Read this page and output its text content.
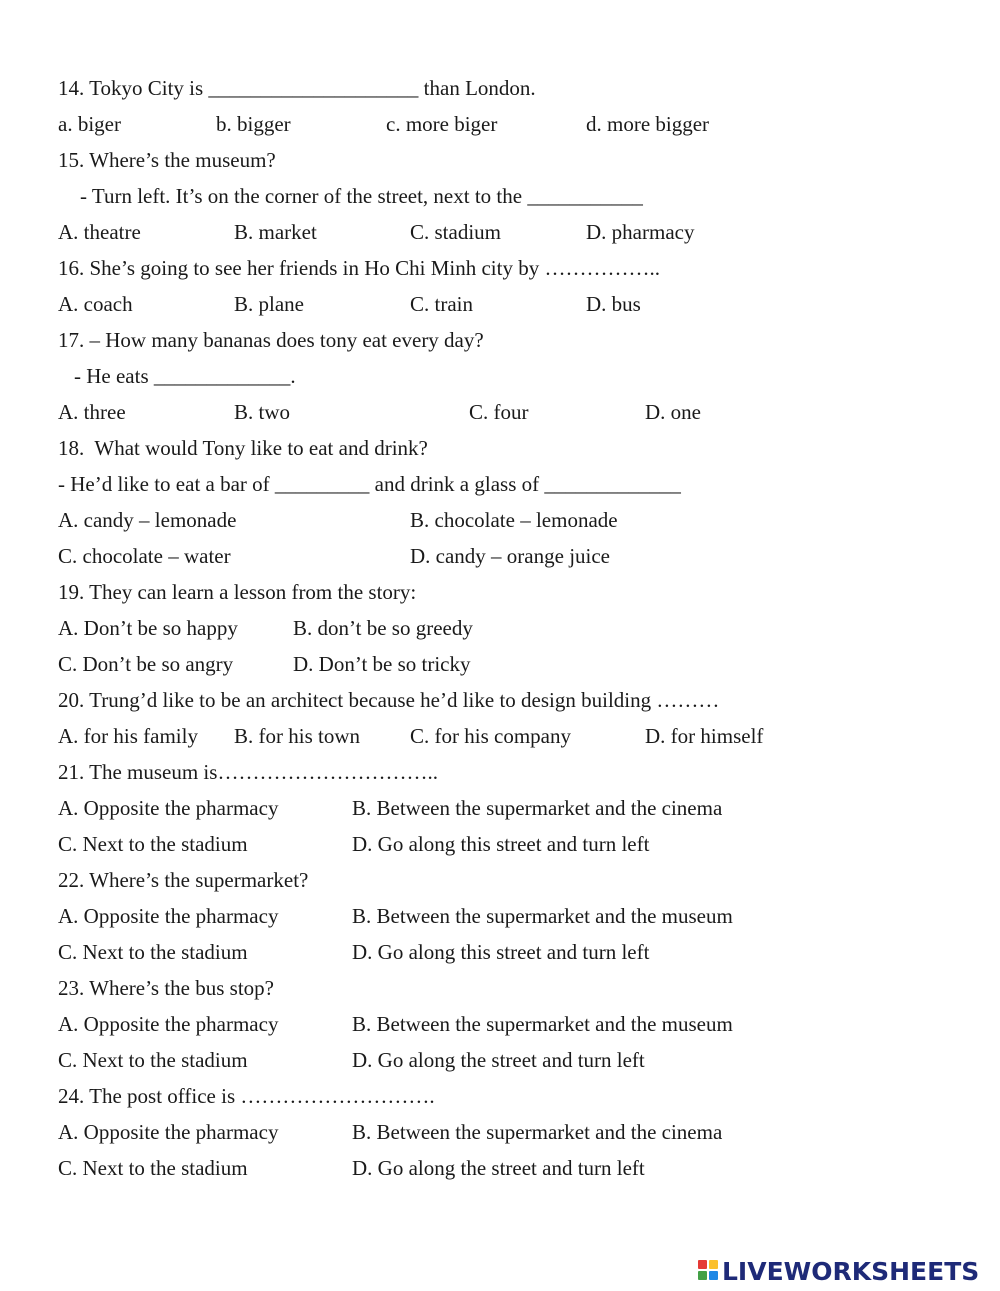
14. Tokyo City is ____________________ than London.

a. biger

	b. bigger

	c. more biger

	d. more bigger

15. Where’s the museum?

- Turn left. It’s on the corner of the street, next to the ___________

A. theatre

	B. market

	C. stadium

	D. pharmacy

16. She’s going to see her friends in Ho Chi Minh city by ……………..

A. coach

	B. plane

	C. train

	D. bus

17. – How many bananas does tony eat every day?

- He eats _____________.

A. three

	B. two

	C. four

	D. one

18.  What would Tony like to eat and drink?

- He’d like to eat a bar of _________ and drink a glass of _____________

A. candy – lemonade

	B. chocolate – lemonade

C. chocolate – water

	D. candy – orange juice

19. They can learn a lesson from the story:

A. Don’t be so happy

	B. don’t be so greedy

C. Don’t be so angry

	D. Don’t be so tricky

20. Trung’d like to be an architect because he’d like to design building ………

A. for his family

B. for his town

C. for his company

	D. for himself

21. The museum is…………………………..

A. Opposite the pharmacy

	B. Between the supermarket and the cinema

C. Next to the stadium

	D. Go along this street and turn left

22. Where’s the supermarket?

A. Opposite the pharmacy

	B. Between the supermarket and the museum

C. Next to the stadium

	D. Go along this street and turn left

23. Where’s the bus stop?

A. Opposite the pharmacy

	B. Between the supermarket and the museum

C. Next to the stadium

	D. Go along the street and turn left

24. The post office is ……………………….

A. Opposite the pharmacy

	B. Between the supermarket and the cinema

C. Next to the stadium

	D. Go along the street and turn left

LIVEWORKSHEETS
